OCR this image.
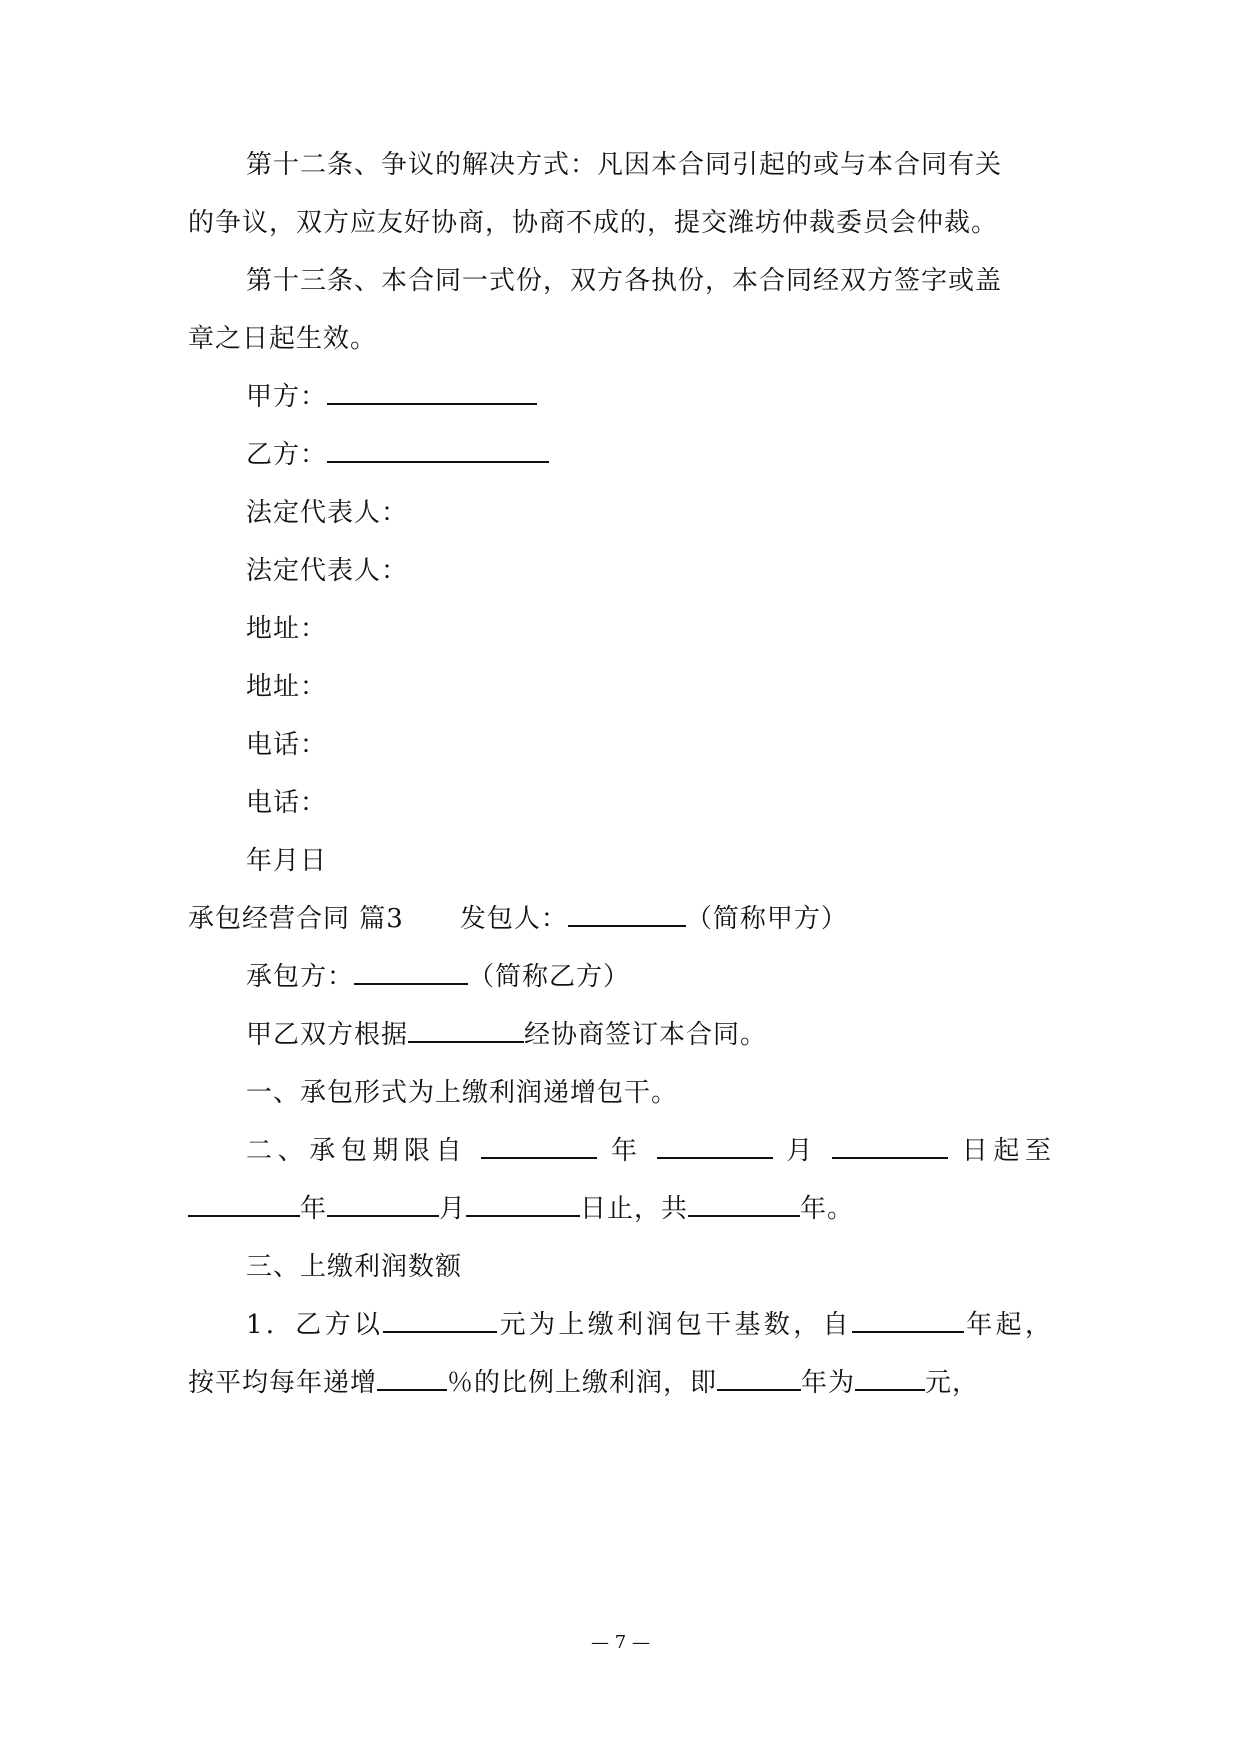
第十二条、争议的解决方式：凡因本合同引起的或与本合同有关
的争议，双方应友好协商，协商不成的，提交潍坊仲裁委员会仲裁。
第十三条、本合同一式份，双方各执份，本合同经双方签字或盖
章之日起生效。
甲方：
乙方：
法定代表人：
法定代表人：
地址：
地址：
电话：
电话：
年月日
承包经营合同 篇3 发包人：	（简称甲方）
承包方：	（简称乙方）
甲乙双方根据	经协商签订本合同。
一、承包形式为上缴利润递增包干。
二、承包期限自	年	月	日起至
年	月	日止，共	年。
三、上缴利润数额
1．乙方以	元为上缴利润包干基数，自	年起，
按平均每年递增	％的比例上缴利润，即	年为	元，
— 7 —
